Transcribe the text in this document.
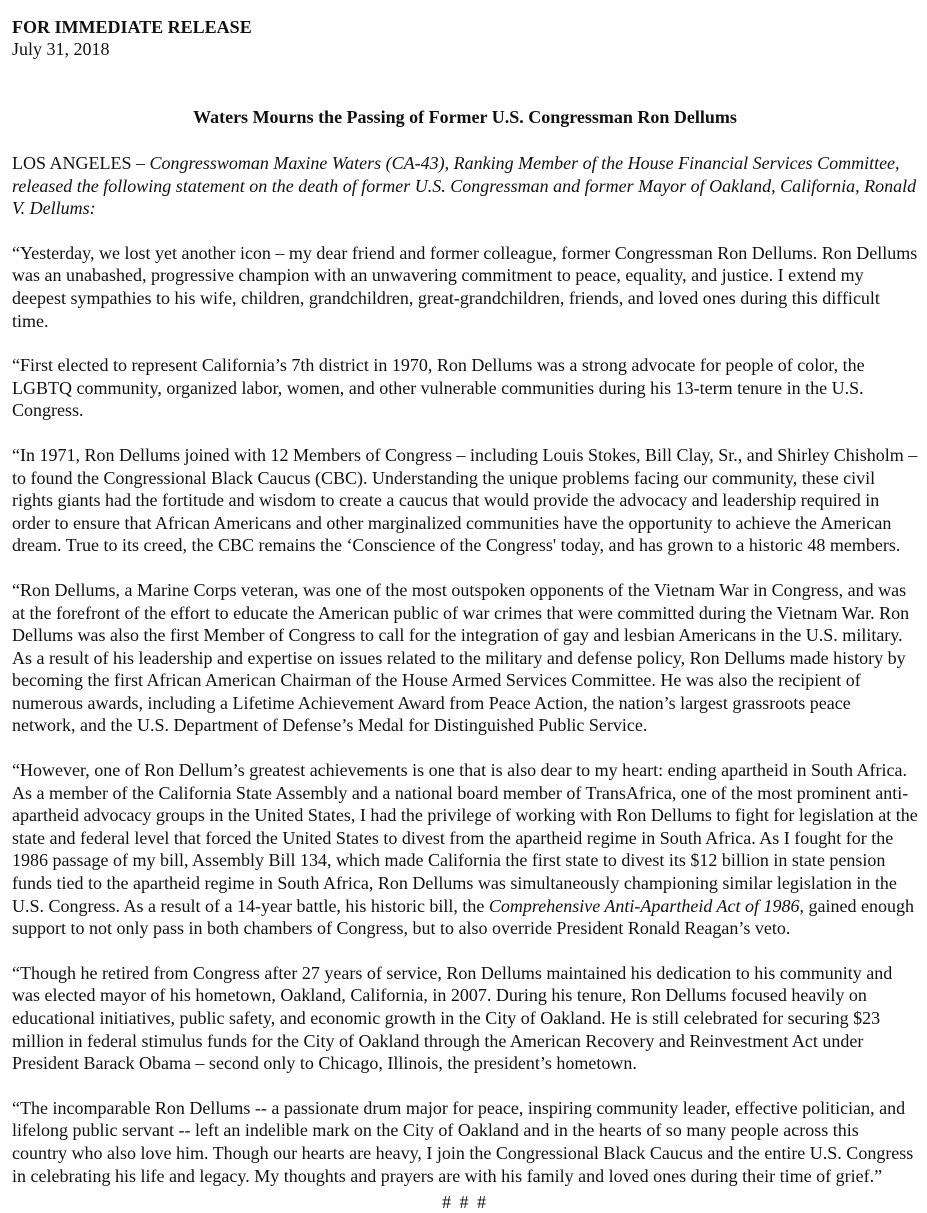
FOR IMMEDIATE RELEASE

July 31, 2018

Waters Mourns the Passing of Former U.S. Congressman Ron Dellums

LOS ANGELES – Congresswoman Maxine Waters (CA-43), Ranking Member of the House Financial Services Committee, released the following statement on the death of former U.S. Congressman and former Mayor of Oakland, California, Ronald V. Dellums:

“Yesterday, we lost yet another icon – my dear friend and former colleague, former Congressman Ron Dellums. Ron Dellums was an unabashed, progressive champion with an unwavering commitment to peace, equality, and justice. I extend my deepest sympathies to his wife, children, grandchildren, great-grandchildren, friends, and loved ones during this difficult time.

“First elected to represent California’s 7th district in 1970, Ron Dellums was a strong advocate for people of color, the LGBTQ community, organized labor, women, and other vulnerable communities during his 13-term tenure in the U.S. Congress.

“In 1971, Ron Dellums joined with 12 Members of Congress – including Louis Stokes, Bill Clay, Sr., and Shirley Chisholm – to found the Congressional Black Caucus (CBC). Understanding the unique problems facing our community, these civil rights giants had the fortitude and wisdom to create a caucus that would provide the advocacy and leadership required in order to ensure that African Americans and other marginalized communities have the opportunity to achieve the American dream. True to its creed, the CBC remains the ‘Conscience of the Congress' today, and has grown to a historic 48 members.

“Ron Dellums, a Marine Corps veteran, was one of the most outspoken opponents of the Vietnam War in Congress, and was at the forefront of the effort to educate the American public of war crimes that were committed during the Vietnam War. Ron Dellums was also the first Member of Congress to call for the integration of gay and lesbian Americans in the U.S. military. As a result of his leadership and expertise on issues related to the military and defense policy, Ron Dellums made history by becoming the first African American Chairman of the House Armed Services Committee. He was also the recipient of numerous awards, including a Lifetime Achievement Award from Peace Action, the nation’s largest grassroots peace network, and the U.S. Department of Defense’s Medal for Distinguished Public Service.

“However, one of Ron Dellum’s greatest achievements is one that is also dear to my heart: ending apartheid in South Africa. As a member of the California State Assembly and a national board member of TransAfrica, one of the most prominent anti-apartheid advocacy groups in the United States, I had the privilege of working with Ron Dellums to fight for legislation at the state and federal level that forced the United States to divest from the apartheid regime in South Africa. As I fought for the 1986 passage of my bill, Assembly Bill 134, which made California the first state to divest its $12 billion in state pension funds tied to the apartheid regime in South Africa, Ron Dellums was simultaneously championing similar legislation in the U.S. Congress. As a result of a 14-year battle, his historic bill, the Comprehensive Anti-Apartheid Act of 1986, gained enough support to not only pass in both chambers of Congress, but to also override President Ronald Reagan’s veto.

“Though he retired from Congress after 27 years of service, Ron Dellums maintained his dedication to his community and was elected mayor of his hometown, Oakland, California, in 2007. During his tenure, Ron Dellums focused heavily on educational initiatives, public safety, and economic growth in the City of Oakland. He is still celebrated for securing $23 million in federal stimulus funds for the City of Oakland through the American Recovery and Reinvestment Act under President Barack Obama – second only to Chicago, Illinois, the president’s hometown.

“The incomparable Ron Dellums -- a passionate drum major for peace, inspiring community leader, effective politician, and lifelong public servant -- left an indelible mark on the City of Oakland and in the hearts of so many people across this country who also love him. Though our hearts are heavy, I join the Congressional Black Caucus and the entire U.S. Congress in celebrating his life and legacy. My thoughts and prayers are with his family and loved ones during their time of grief.”

# # #
